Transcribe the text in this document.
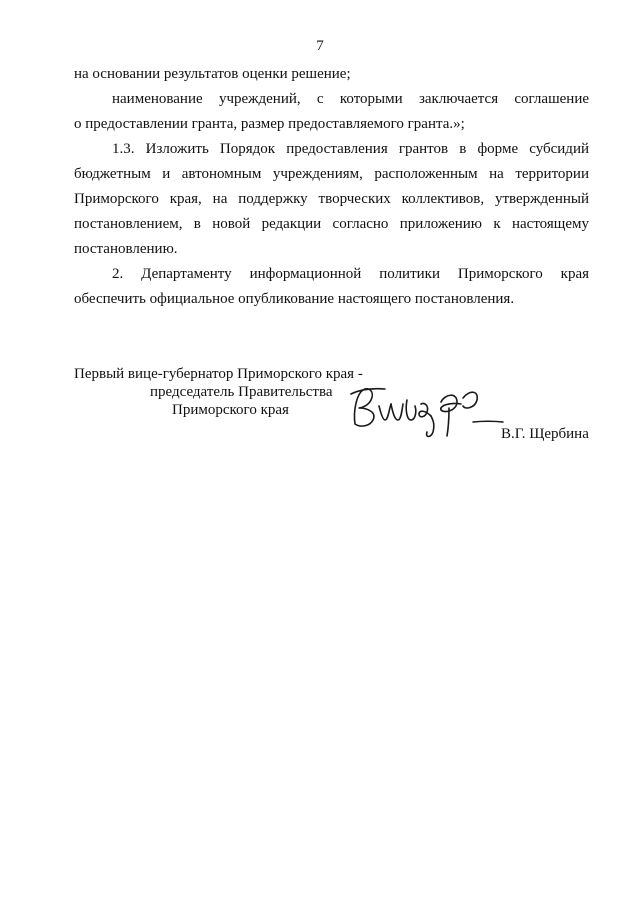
7
на основании результатов оценки решение;
наименование учреждений, с которыми заключается соглашение
о предоставлении гранта, размер предоставляемого гранта.»;
1.3. Изложить Порядок предоставления грантов в форме субсидий
бюджетным и автономным учреждениям, расположенным на территории
Приморского края, на поддержку творческих коллективов, утвержденный
постановлением, в новой редакции согласно приложению к настоящему
постановлению.
2. Департаменту информационной политики Приморского края
обеспечить официальное опубликование настоящего постановления.
Первый вице-губернатор Приморского края -
председатель Правительства
Приморского края
В.Г. Щербина
